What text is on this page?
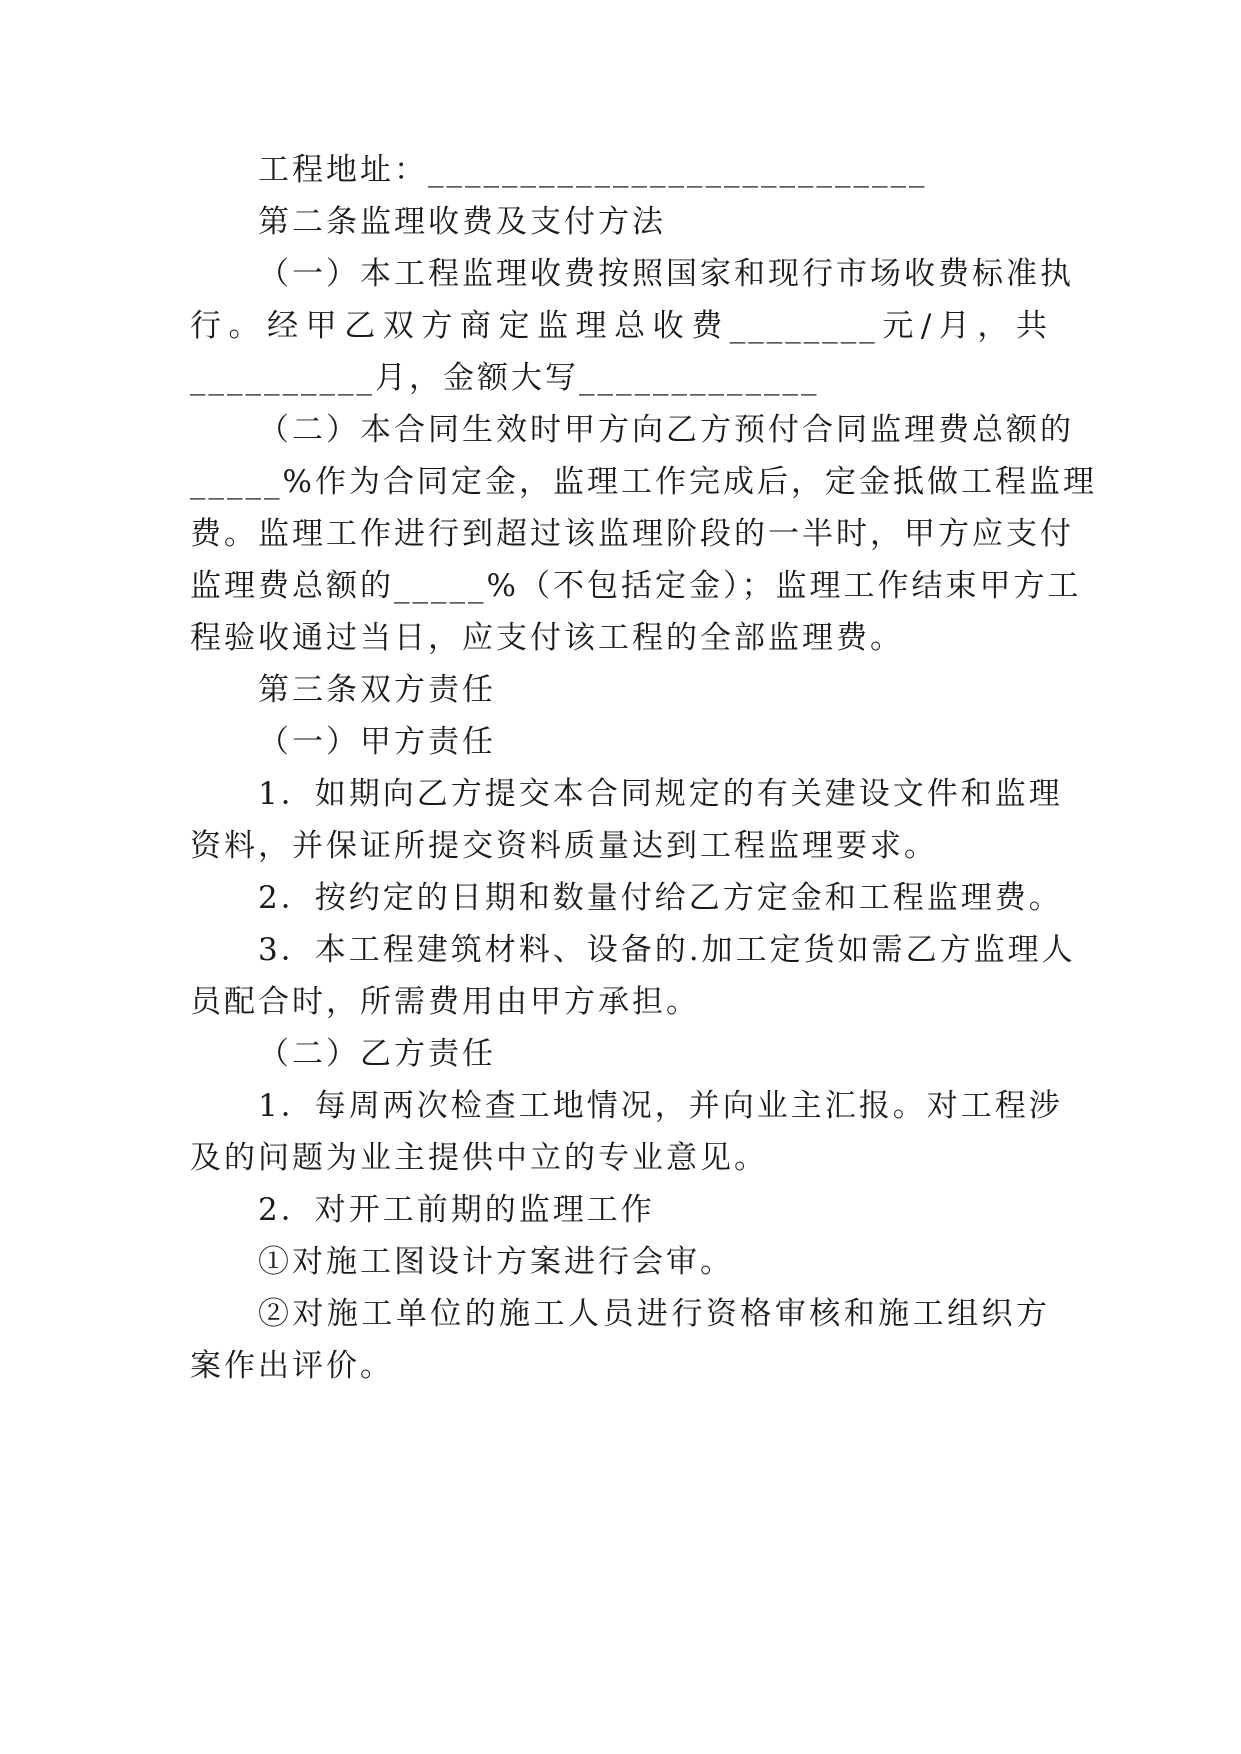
工程地址：___________________________
第二条监理收费及支付方法
（一）本工程监理收费按照国家和现行市场收费标准执
行。经甲乙双方商定监理总收费________元/月，共
__________月，金额大写_____________
（二）本合同生效时甲方向乙方预付合同监理费总额的
_____%作为合同定金，监理工作完成后，定金抵做工程监理
费。监理工作进行到超过该监理阶段的一半时，甲方应支付
监理费总额的_____%（不包括定金）；监理工作结束甲方工
程验收通过当日，应支付该工程的全部监理费。
第三条双方责任
（一）甲方责任
1．如期向乙方提交本合同规定的有关建设文件和监理
资料，并保证所提交资料质量达到工程监理要求。
2．按约定的日期和数量付给乙方定金和工程监理费。
3．本工程建筑材料、设备的.加工定货如需乙方监理人
员配合时，所需费用由甲方承担。
（二）乙方责任
1．每周两次检查工地情况，并向业主汇报。对工程涉
及的问题为业主提供中立的专业意见。
2．对开工前期的监理工作
①对施工图设计方案进行会审。
②对施工单位的施工人员进行资格审核和施工组织方
案作出评价。
